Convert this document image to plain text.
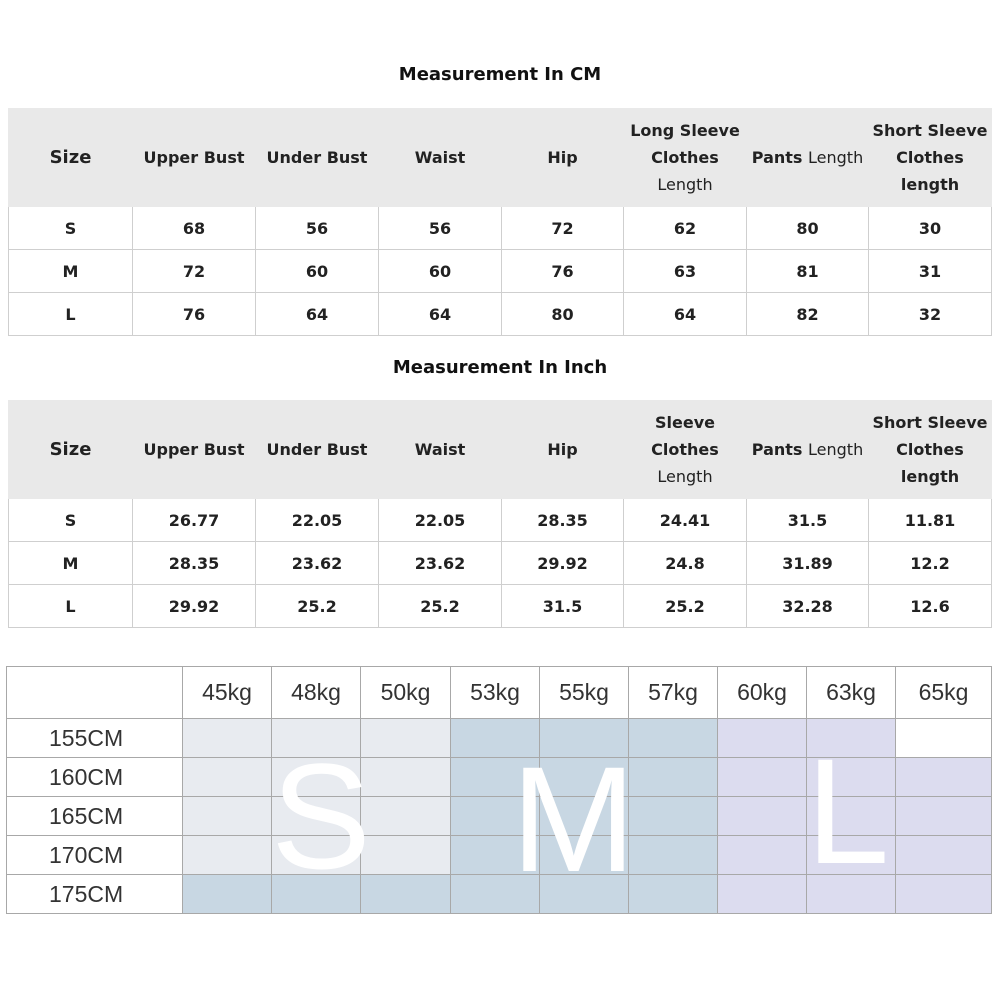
Measurement In CM
Size	Upper Bust	Under Bust	Waist	Hip	Long Sleeve Clothes Length	Pants Length	Short Sleeve Clothes length
S	68	56	56	72	62	80	30
M	72	60	60	76	63	81	31
L	76	64	64	80	64	82	32
Measurement In Inch
Size	Upper Bust	Under Bust	Waist	Hip	Sleeve Clothes Length	Pants Length	Short Sleeve Clothes length
S	26.77	22.05	22.05	28.35	24.41	31.5	11.81
M	28.35	23.62	23.62	29.92	24.8	31.89	12.2
L	29.92	25.2	25.2	31.5	25.2	32.28	12.6
	45kg	48kg	50kg	53kg	55kg	57kg	60kg	63kg	65kg
155CM									
160CM									
165CM									
170CM									
175CM									S M L
